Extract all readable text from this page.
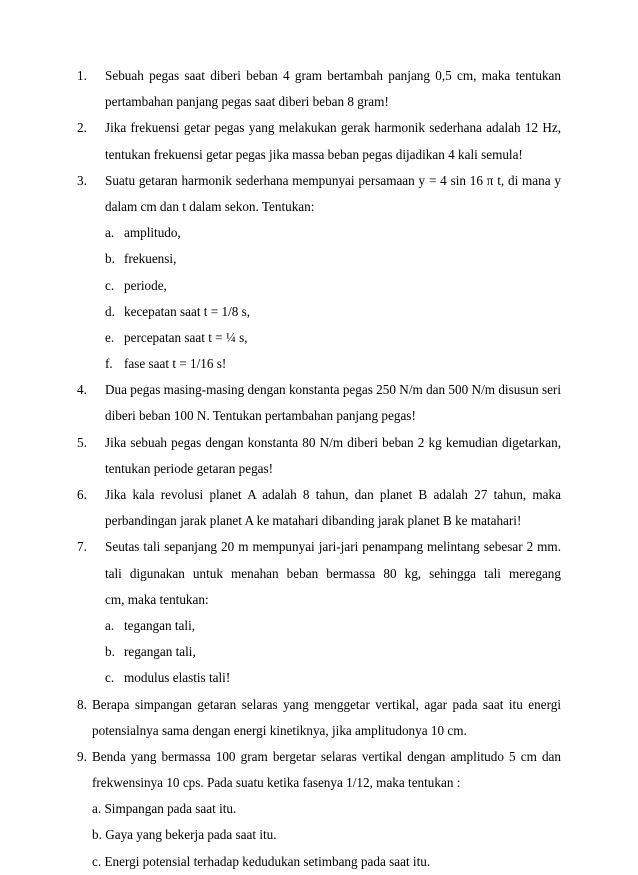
1. Sebuah pegas saat diberi beban 4 gram bertambah panjang 0,5 cm, maka tentukan
pertambahan panjang pegas saat diberi beban 8 gram!
2. Jika frekuensi getar pegas yang melakukan gerak harmonik sederhana adalah 12 Hz,
tentukan frekuensi getar pegas jika massa beban pegas dijadikan 4 kali semula!
3. Suatu getaran harmonik sederhana mempunyai persamaan y = 4 sin 16 π t, di mana y
dalam cm dan t dalam sekon. Tentukan:
a. amplitudo,
b. frekuensi,
c. periode,
d. kecepatan saat t = 1/8 s,
e. percepatan saat t = ¼ s,
f. fase saat t = 1/16 s!
4. Dua pegas masing-masing dengan konstanta pegas 250 N/m dan 500 N/m disusun seri
diberi beban 100 N. Tentukan pertambahan panjang pegas!
5. Jika sebuah pegas dengan konstanta 80 N/m diberi beban 2 kg kemudian digetarkan,
tentukan periode getaran pegas!
6. Jika kala revolusi planet A adalah 8 tahun, dan planet B adalah 27 tahun, maka
perbandingan jarak planet A ke matahari dibanding jarak planet B ke matahari!
7. Seutas tali sepanjang 20 m mempunyai jari-jari penampang melintang sebesar 2 mm.
tali digunakan untuk menahan beban bermassa 80 kg, sehingga tali meregang
cm, maka tentukan:
a. tegangan tali,
b. regangan tali,
c. modulus elastis tali!
8. Berapa simpangan getaran selaras yang menggetar vertikal, agar pada saat itu energi
potensialnya sama dengan energi kinetiknya, jika amplitudonya 10 cm.
9. Benda yang bermassa 100 gram bergetar selaras vertikal dengan amplitudo 5 cm dan
frekwensinya 10 cps. Pada suatu ketika fasenya 1/12, maka tentukan :
a. Simpangan pada saat itu.
b. Gaya yang bekerja pada saat itu.
c. Energi potensial terhadap kedudukan setimbang pada saat itu.
